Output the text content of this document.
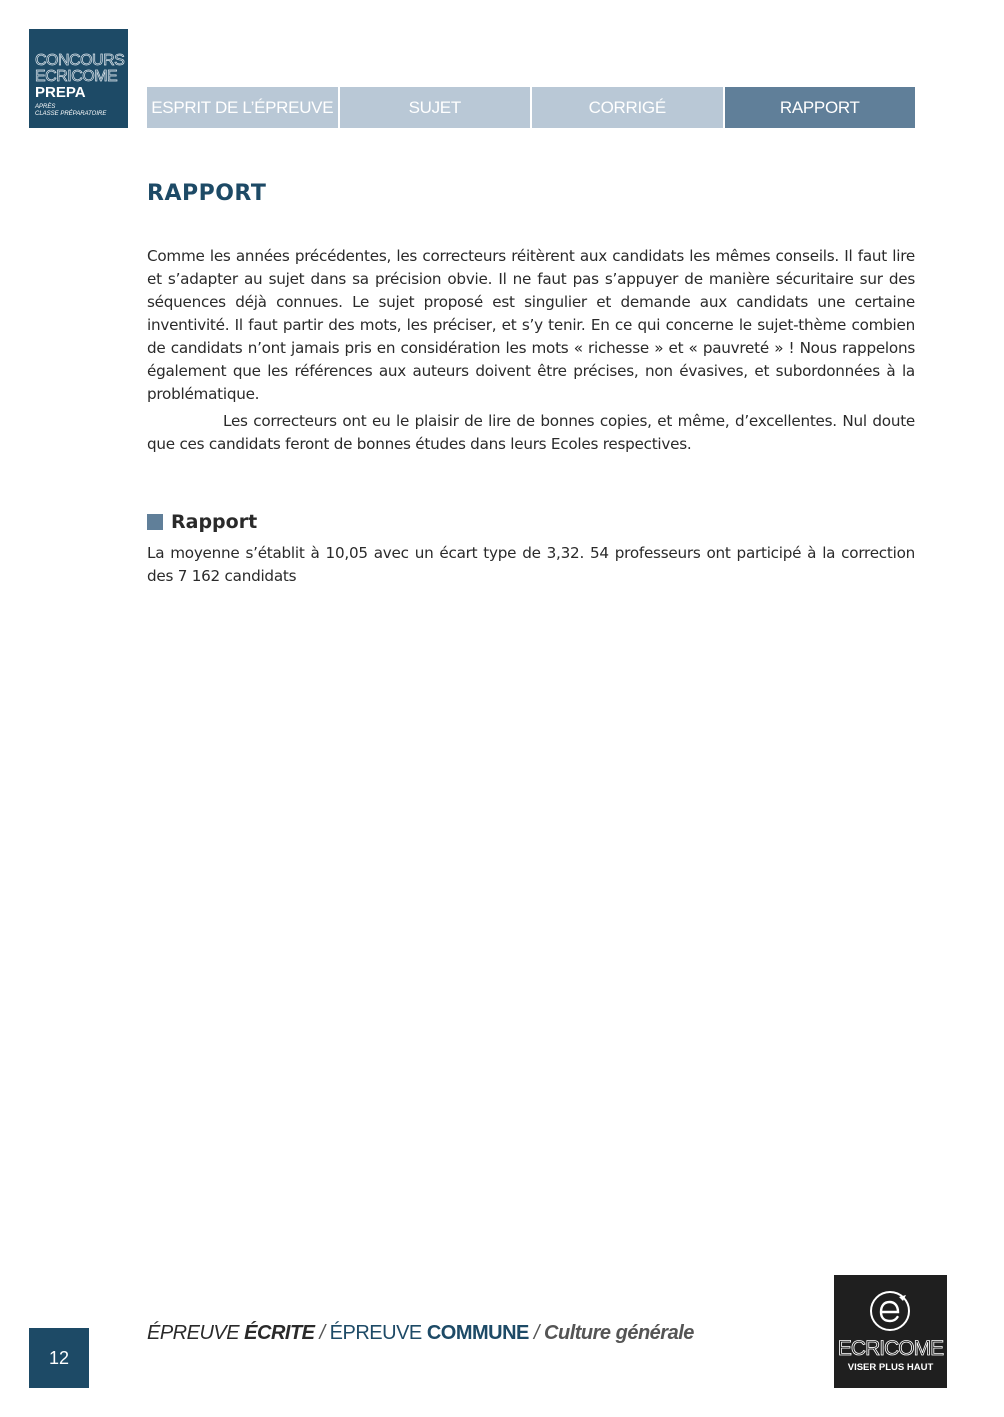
CONCOURS
ECRICOME
PREPA
APRÈS
CLASSE PRÉPARATOIRE	ESPRIT DE L’ÉPREUVE	SUJET	CORRIGÉ	RAPPORT
RAPPORT

Comme les années précédentes, les correcteurs réitèrent aux candidats les mêmes conseils. Il faut lire et s’adapter au sujet dans sa précision obvie. Il ne faut pas s’appuyer de manière sécuritaire sur des séquences déjà connues. Le sujet proposé est singulier et demande aux candidats une certaine inventivité. Il faut partir des mots, les préciser, et s’y tenir. En ce qui concerne le sujet-thème combien de candidats n’ont jamais pris en considération les mots « richesse » et « pauvreté » ! Nous rappelons également que les références aux auteurs doivent être précises, non évasives, et subordonnées à la problématique.

Les correcteurs ont eu le plaisir de lire de bonnes copies, et même, d’excellentes. Nul doute que ces candidats feront de bonnes études dans leurs Ecoles respectives.

Rapport

La moyenne s’établit à 10,05 avec un écart type de 3,32. 54 professeurs ont participé à la correction des 7 162 candidats

12
ÉPREUVE ÉCRITE / ÉPREUVE COMMUNE / Culture générale
ECRICOME
VISER PLUS HAUT
